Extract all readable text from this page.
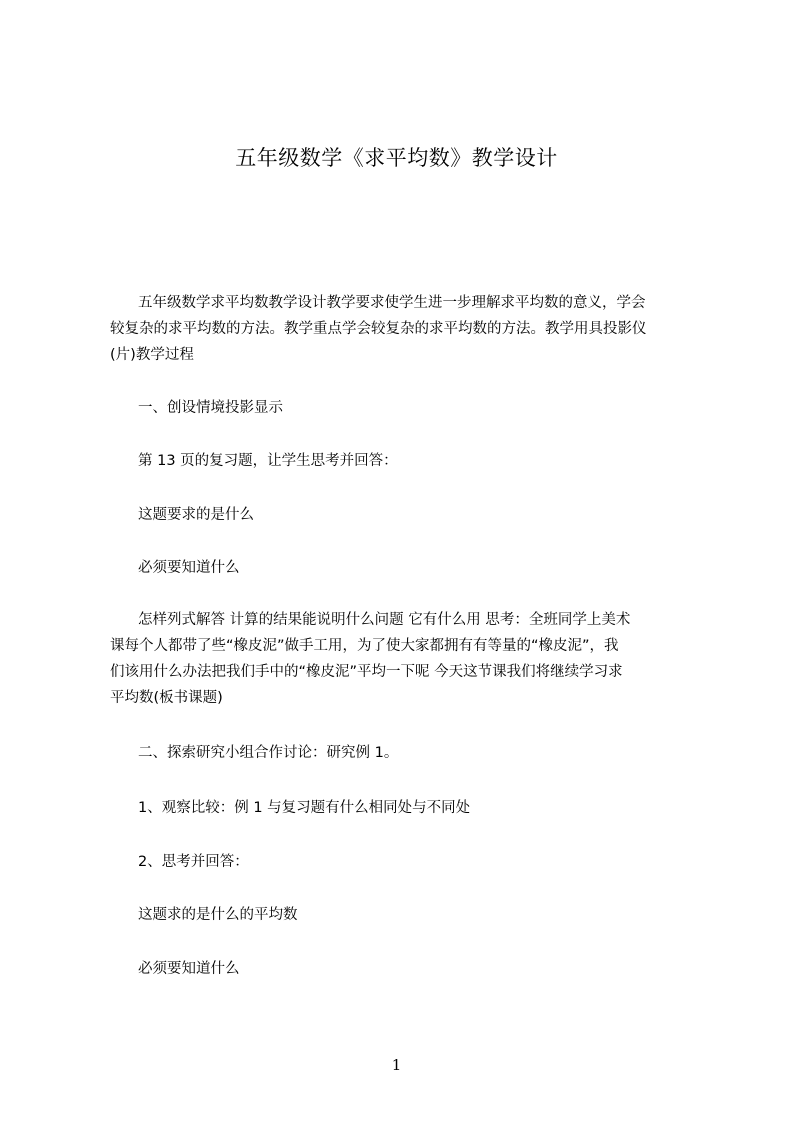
五年级数学《求平均数》教学设计
五年级数学求平均数教学设计教学要求使学生进一步理解求平均数的意义，学会
较复杂的求平均数的方法。教学重点学会较复杂的求平均数的方法。教学用具投影仪
(片)教学过程
一、创设情境投影显示
第 13 页的复习题，让学生思考并回答：
这题要求的是什么
必须要知道什么
怎样列式解答 计算的结果能说明什么问题 它有什么用 思考：全班同学上美术
课每个人都带了些“橡皮泥”做手工用，为了使大家都拥有有等量的“橡皮泥”，我
们该用什么办法把我们手中的“橡皮泥”平均一下呢 今天这节课我们将继续学习求
平均数(板书课题)
二、探索研究小组合作讨论：研究例 1。
1、观察比较：例 1 与复习题有什么相同处与不同处
2、思考并回答：
这题求的是什么的平均数
必须要知道什么
1
